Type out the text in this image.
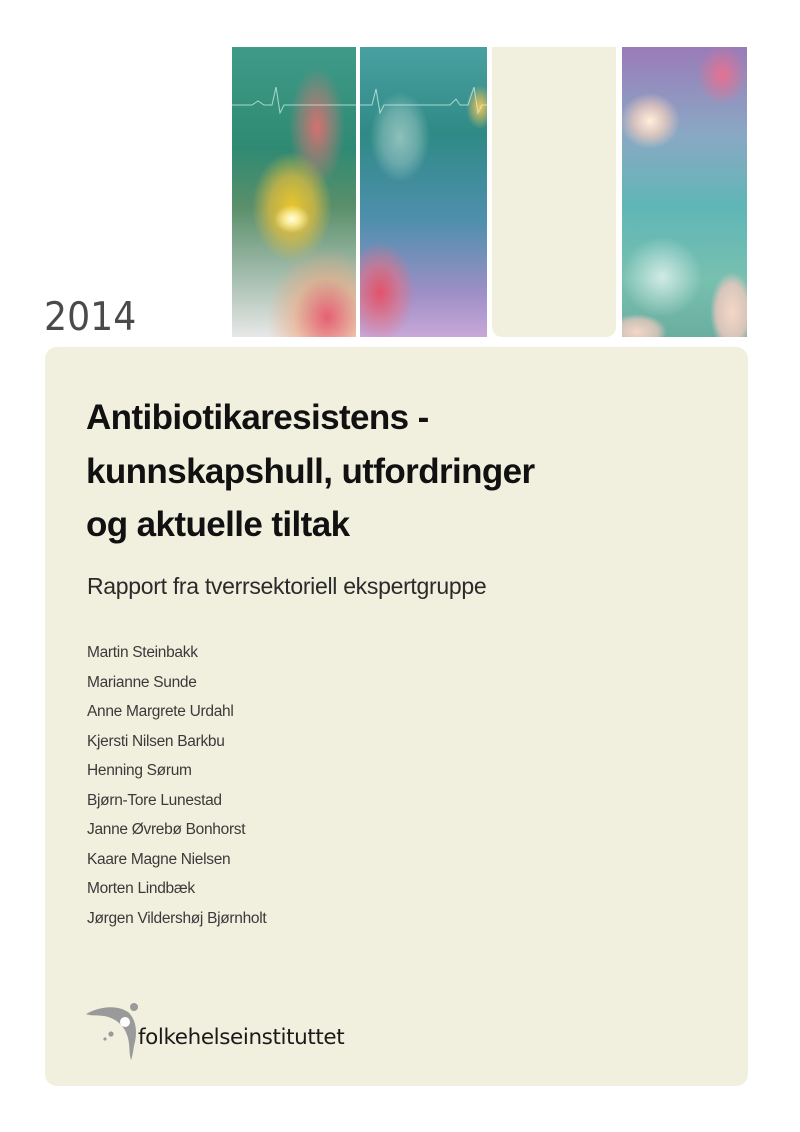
2014
Antibiotikaresistens -
kunnskapshull, utfordringer
og aktuelle tiltak
Rapport fra tverrsektoriell ekspertgruppe
Martin Steinbakk
Marianne Sunde
Anne Margrete Urdahl
Kjersti Nilsen Barkbu
Henning Sørum
Bjørn-Tore Lunestad
Janne Øvrebø Bonhorst
Kaare Magne Nielsen
Morten Lindbæk
Jørgen Vildershøj Bjørnholt
folkehelseinstituttet
